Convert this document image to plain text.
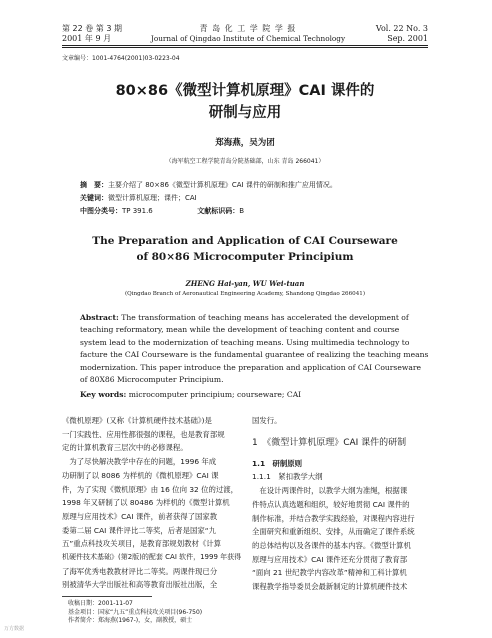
第 22 卷 第 3 期
2001 年 9 月
青 岛 化 工 学 院 学 报
Journal of Qingdao Institute of Chemical Technology
Vol. 22 No. 3
Sep. 2001
文章编号：1001-4764(2001)03-0223-04
80×86《微型计算机原理》CAI 课件的
研制与应用
郑海燕，吴为团
（海军航空工程学院青岛分院基础部，山东 青岛 266041）
摘　要：主要介绍了 80×86《微型计算机原理》CAI 课件的研制和推广应用情况。
关键词：微型计算机原理；课件；CAI
中图分类号：TP 391.6	文献标识码：B
The Preparation and Application of CAI Courseware
of 80×86 Microcomputer Principium
ZHENG Hai-yan, WU Wei-tuan
(Qingdao Branch of Aeronautical Engineering Academy, Shandong Qingdao 266041)
Abstract: The transformation of teaching means has accelerated the development of
teaching reformatory, mean while the development of teaching content and course
system lead to the modernization of teaching means. Using multimedia technology to
facture the CAI Courseware is the fundamental guarantee of realizing the teaching means
modernization. This paper introduce the preparation and application of CAI Courseware
of 80X86 Microcomputer Principium.
Key words: microcomputer principium; courseware; CAI
《微机原理》(又称《计算机硬件技术基础》)是
一门实践性、应用性都很强的课程，也是教育部规
定的计算机教育三层次中的必修课程。
　为了尽快解决教学中存在的问题，1996 年成
功研制了以 8086 为样机的《微机原理》CAI 课
件，为了实现《微机原理》由 16 位向 32 位的过渡，
1998 年又研制了以 80486 为样机的《微型计算机
原理与应用技术》CAI 课件，前者获得了国家教
委第二届 CAI 课件评比二等奖，后者是国家“九
五”重点科技攻关项目，是教育部规划教材《计算
机硬件技术基础》(第2版)的配套 CAI 软件，1999 年获得
了海军优秀电教教材评比二等奖。两课件现已分
别被清华大学出版社和高等教育出版社出版，全
国发行。
1　《微型计算机原理》CAI 课件的研制
1.1　研制原则
1.1.1　紧扣教学大纲
　在设计两课件时，以教学大纲为准绳，根据课
件特点认真选题和组织，较好地贯彻 CAI 课件的
制作标准，并结合教学实践经验，对课程内容进行
全面研究和重新组织、安排，从而确定了课件系统
的总体结构以及各课件的基本内容。《微型计算机
原理与应用技术》CAI 课件还充分贯彻了教育部
“面向 21 世纪教学内容改革”精神和工科计算机
课程教学指导委员会最新制定的计算机硬件技术
收稿日期：2001-11-07
基金项目：国家“九五”重点科技攻关项目(96-750)
作者简介：郑海燕(1967-)，女，副教授，硕士
万方数据
